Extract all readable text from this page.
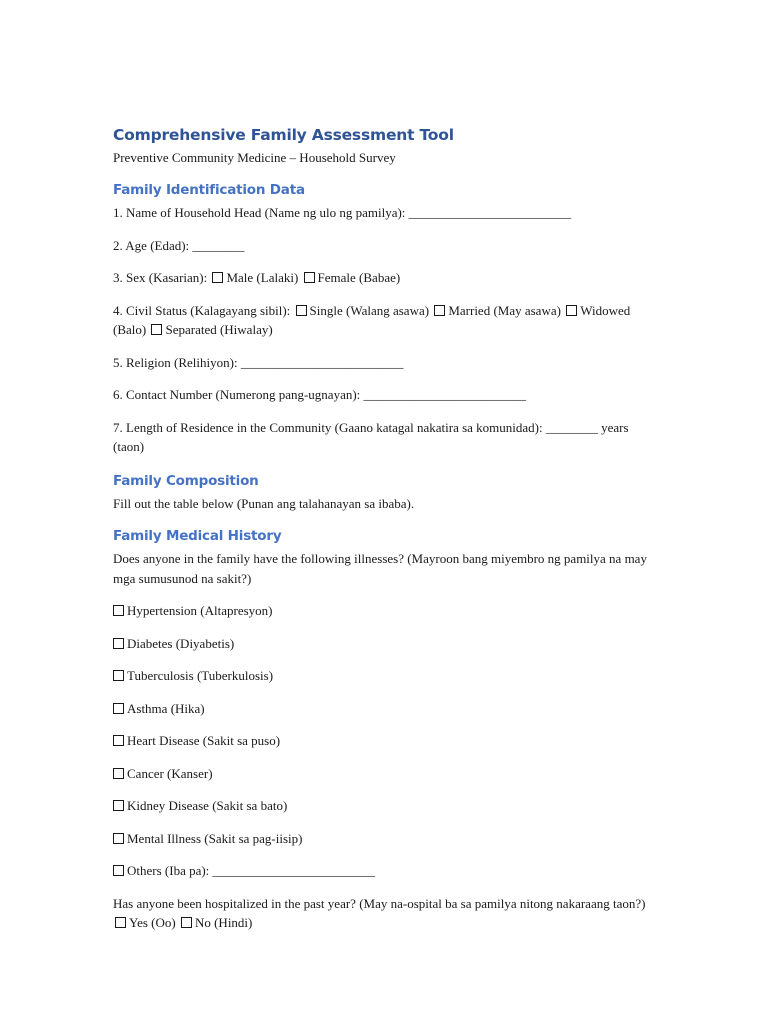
Comprehensive Family Assessment Tool

Preventive Community Medicine – Household Survey

Family Identification Data

1. Name of Household Head (Name ng ulo ng pamilya): _________________________

2. Age (Edad): ________

3. Sex (Kasarian): Male (Lalaki) Female (Babae)

4. Civil Status (Kalagayang sibil): Single (Walang asawa) Married (May asawa) Widowed (Balo) Separated (Hiwalay)

5. Religion (Relihiyon): _________________________

6. Contact Number (Numerong pang-ugnayan): _________________________

7. Length of Residence in the Community (Gaano katagal nakatira sa komunidad): ________ years (taon)

Family Composition

Fill out the table below (Punan ang talahanayan sa ibaba).

Family Medical History

Does anyone in the family have the following illnesses? (Mayroon bang miyembro ng pamilya na may mga sumusunod na sakit?)

Hypertension (Altapresyon)

Diabetes (Diyabetis)

Tuberculosis (Tuberkulosis)

Asthma (Hika)

Heart Disease (Sakit sa puso)

Cancer (Kanser)

Kidney Disease (Sakit sa bato)

Mental Illness (Sakit sa pag-iisip)

Others (Iba pa): _________________________

Has anyone been hospitalized in the past year? (May na-ospital ba sa pamilya nitong nakaraang taon?) Yes (Oo) No (Hindi)
